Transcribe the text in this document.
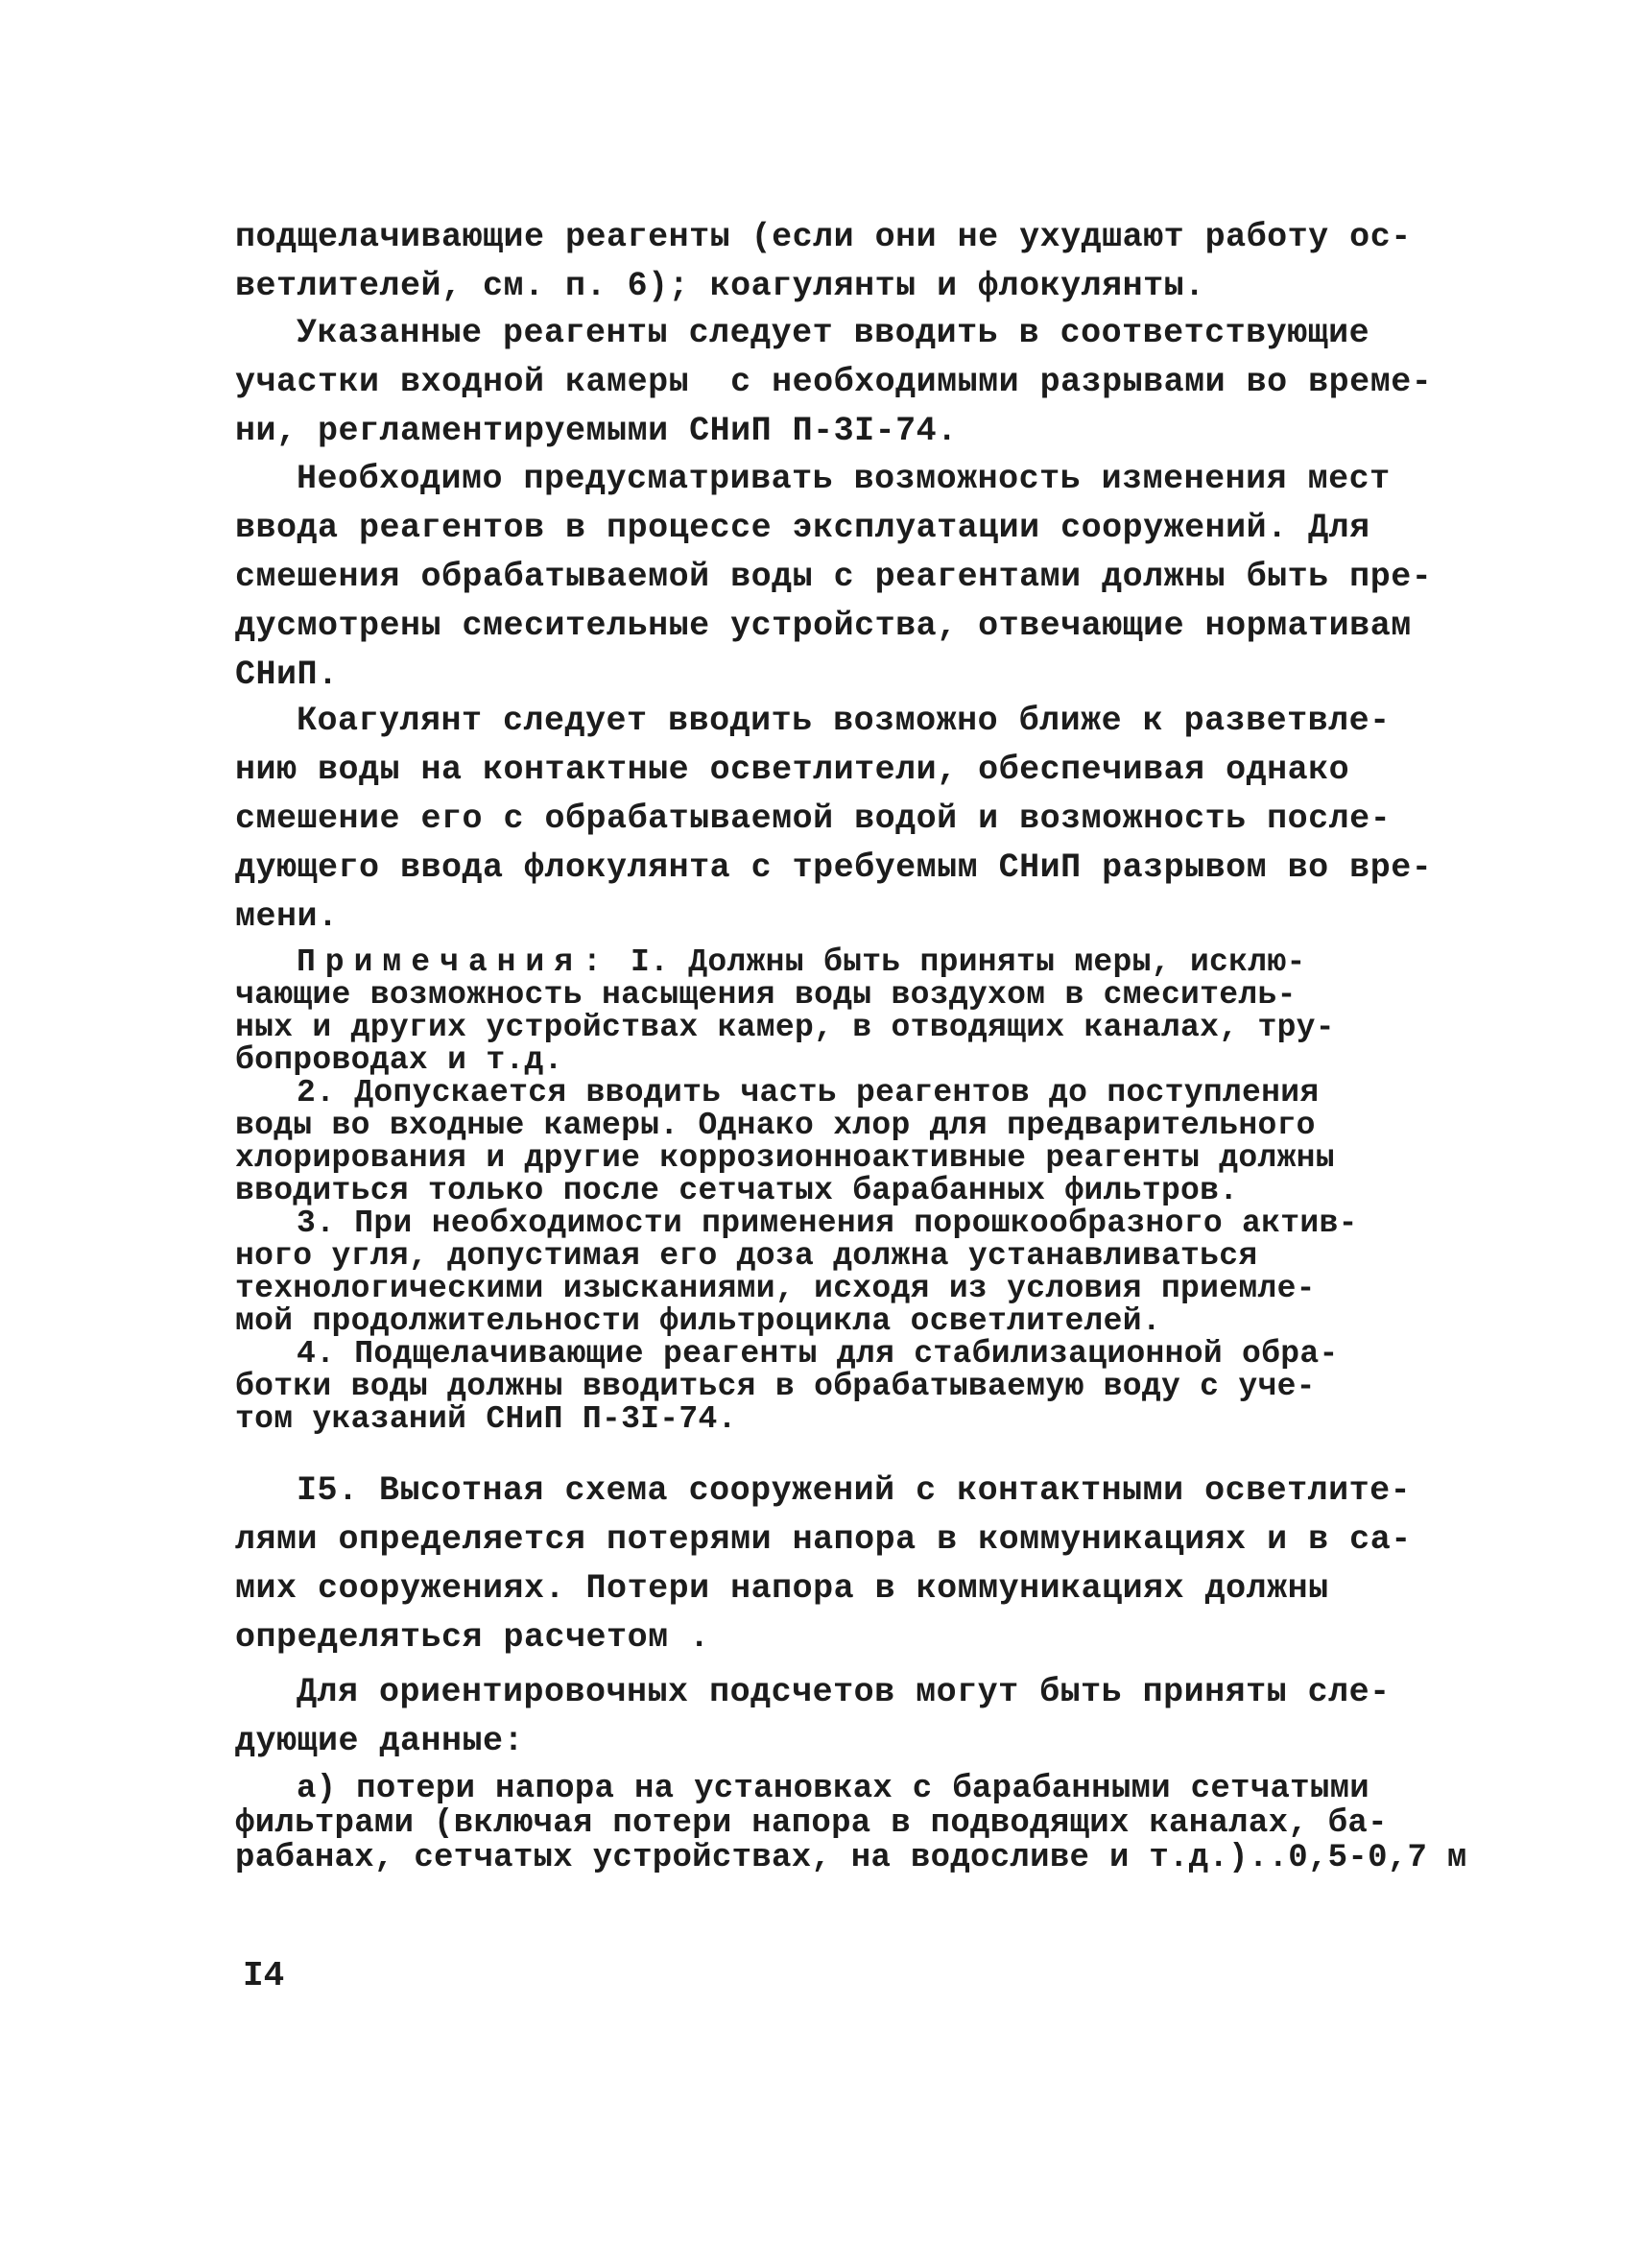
подщелачивающие реагенты (если они не ухудшают работу ос-
ветлителей, см. п. 6); коагулянты и флокулянты.

Указанные реагенты следует вводить в соответствующие
участки входной камеры  с необходимыми разрывами во време-
ни, регламентируемыми СНиП П-3I-74.

Необходимо предусматривать возможность изменения мест
ввода реагентов в процессе эксплуатации сооружений. Для
смешения обрабатываемой воды с реагентами должны быть пре-
дусмотрены смесительные устройства, отвечающие нормативам
СНиП.

Коагулянт следует вводить возможно ближе к разветвле-
нию воды на контактные осветлители, обеспечивая однако
смешение его с обрабатываемой водой и возможность после-
дующего ввода флокулянта с требуемым СНиП разрывом во вре-
мени.

Примечания: I. Должны быть приняты меры, исклю-
чающие возможность насыщения воды воздухом в смеситель-
ных и других устройствах камер, в отводящих каналах, тру-
бопроводах и т.д.
2. Допускается вводить часть реагентов до поступления
воды во входные камеры. Однако хлор для предварительного
хлорирования и другие коррозионноактивные реагенты должны
вводиться только после сетчатых барабанных фильтров.
3. При необходимости применения порошкообразного актив-
ного угля, допустимая его доза должна устанавливаться
технологическими изысканиями, исходя из условия приемле-
мой продолжительности фильтроцикла осветлителей.
4. Подщелачивающие реагенты для стабилизационной обра-
ботки воды должны вводиться в обрабатываемую воду с уче-
том указаний СНиП П-3I-74.

I5. Высотная схема сооружений с контактными осветлите-
лями определяется потерями напора в коммуникациях и в са-
мих сооружениях. Потери напора в коммуникациях должны
определяться расчетом .

Для ориентировочных подсчетов могут быть приняты сле-
дующие данные:

а) потери напора на установках с барабанными сетчатыми
фильтрами (включая потери напора в подводящих каналах, ба-
рабанах, сетчатых устройствах, на водосливе и т.д.)..0,5-0,7 м
I4
